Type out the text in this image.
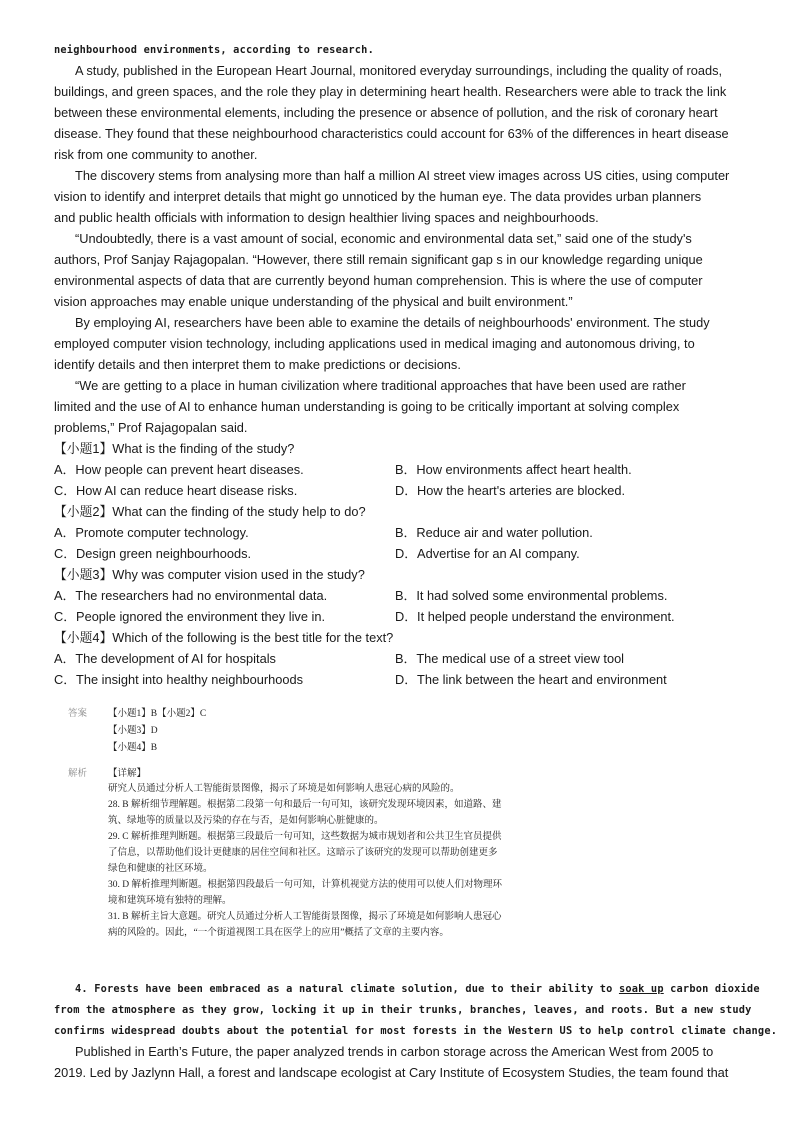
neighbourhood environments, according to research.
A study, published in the European Heart Journal, monitored everyday surroundings, including the quality of roads,
buildings, and green spaces, and the role they play in determining heart health. Researchers were able to track the link
between these environmental elements, including the presence or absence of pollution, and the risk of coronary heart
disease. They found that these neighbourhood characteristics could account for 63% of the differences in heart disease
risk from one community to another.
The discovery stems from analysing more than half a million AI street view images across US cities, using computer
vision to identify and interpret details that might go unnoticed by the human eye. The data provides urban planners
and public health officials with information to design healthier living spaces and neighbourhoods.
“Undoubtedly, there is a vast amount of social, economic and environmental data set,” said one of the study's
authors, Prof Sanjay Rajagopalan. “However, there still remain significant gap s in our knowledge regarding unique
environmental aspects of data that are currently beyond human comprehension. This is where the use of computer
vision approaches may enable unique understanding of the physical and built environment.”
By employing AI, researchers have been able to examine the details of neighbourhoods' environment. The study
employed computer vision technology, including applications used in medical imaging and autonomous driving, to
identify details and then interpret them to make predictions or decisions.
“We are getting to a place in human civilization where traditional approaches that have been used are rather
limited and the use of AI to enhance human understanding is going to be critically important at solving complex
problems,” Prof Rajagopalan said.
【小题1】What is the finding of the study?
A．How people can prevent heart diseases.	B．How environments affect heart health.
C．How AI can reduce heart disease risks.	D．How the heart's arteries are blocked.
【小题2】What can the finding of the study help to do?
A．Promote computer technology.	B．Reduce air and water pollution.
C．Design green neighbourhoods.	D．Advertise for an AI company.
【小题3】Why was computer vision used in the study?
A．The researchers had no environmental data.	B．It had solved some environmental problems.
C．People ignored the environment they live in.	D．It helped people understand the environment.
【小题4】Which of the following is the best title for the text?
A．The development of AI for hospitals	B．The medical use of a street view tool
C．The insight into healthy neighbourhoods	D．The link between the heart and environment
答案 【小题1】B【小题2】C
【小题3】D
【小题4】B
解析 【详解】
研究人员通过分析人工智能街景图像，揭示了环境是如何影响人患冠心病的风险的。
28. B 解析细节理解题。根据第二段第一句和最后一句可知，该研究发现环境因素，如道路、建
筑、绿地等的质量以及污染的存在与否，是如何影响心脏健康的。
29. C 解析推理判断题。根据第三段最后一句可知，这些数据为城市规划者和公共卫生官员提供
了信息，以帮助他们设计更健康的居住空间和社区。这暗示了该研究的发现可以帮助创建更多
绿色和健康的社区环境。
30. D 解析推理判断题。根据第四段最后一句可知，计算机视觉方法的使用可以使人们对物理环
境和建筑环境有独特的理解。
31. B 解析主旨大意题。研究人员通过分析人工智能街景图像，揭示了环境是如何影响人患冠心
病的风险的。因此，“一个街道视图工具在医学上的应用”概括了文章的主要内容。
4. Forests have been embraced as a natural climate solution, due to their ability to soak up carbon dioxide
from the atmosphere as they grow, locking it up in their trunks, branches, leaves, and roots. But a new study
confirms widespread doubts about the potential for most forests in the Western US to help control climate change.
Published in Earth’s Future, the paper analyzed trends in carbon storage across the American West from 2005 to
2019. Led by Jazlynn Hall, a forest and landscape ecologist at Cary Institute of Ecosystem Studies, the team found that
